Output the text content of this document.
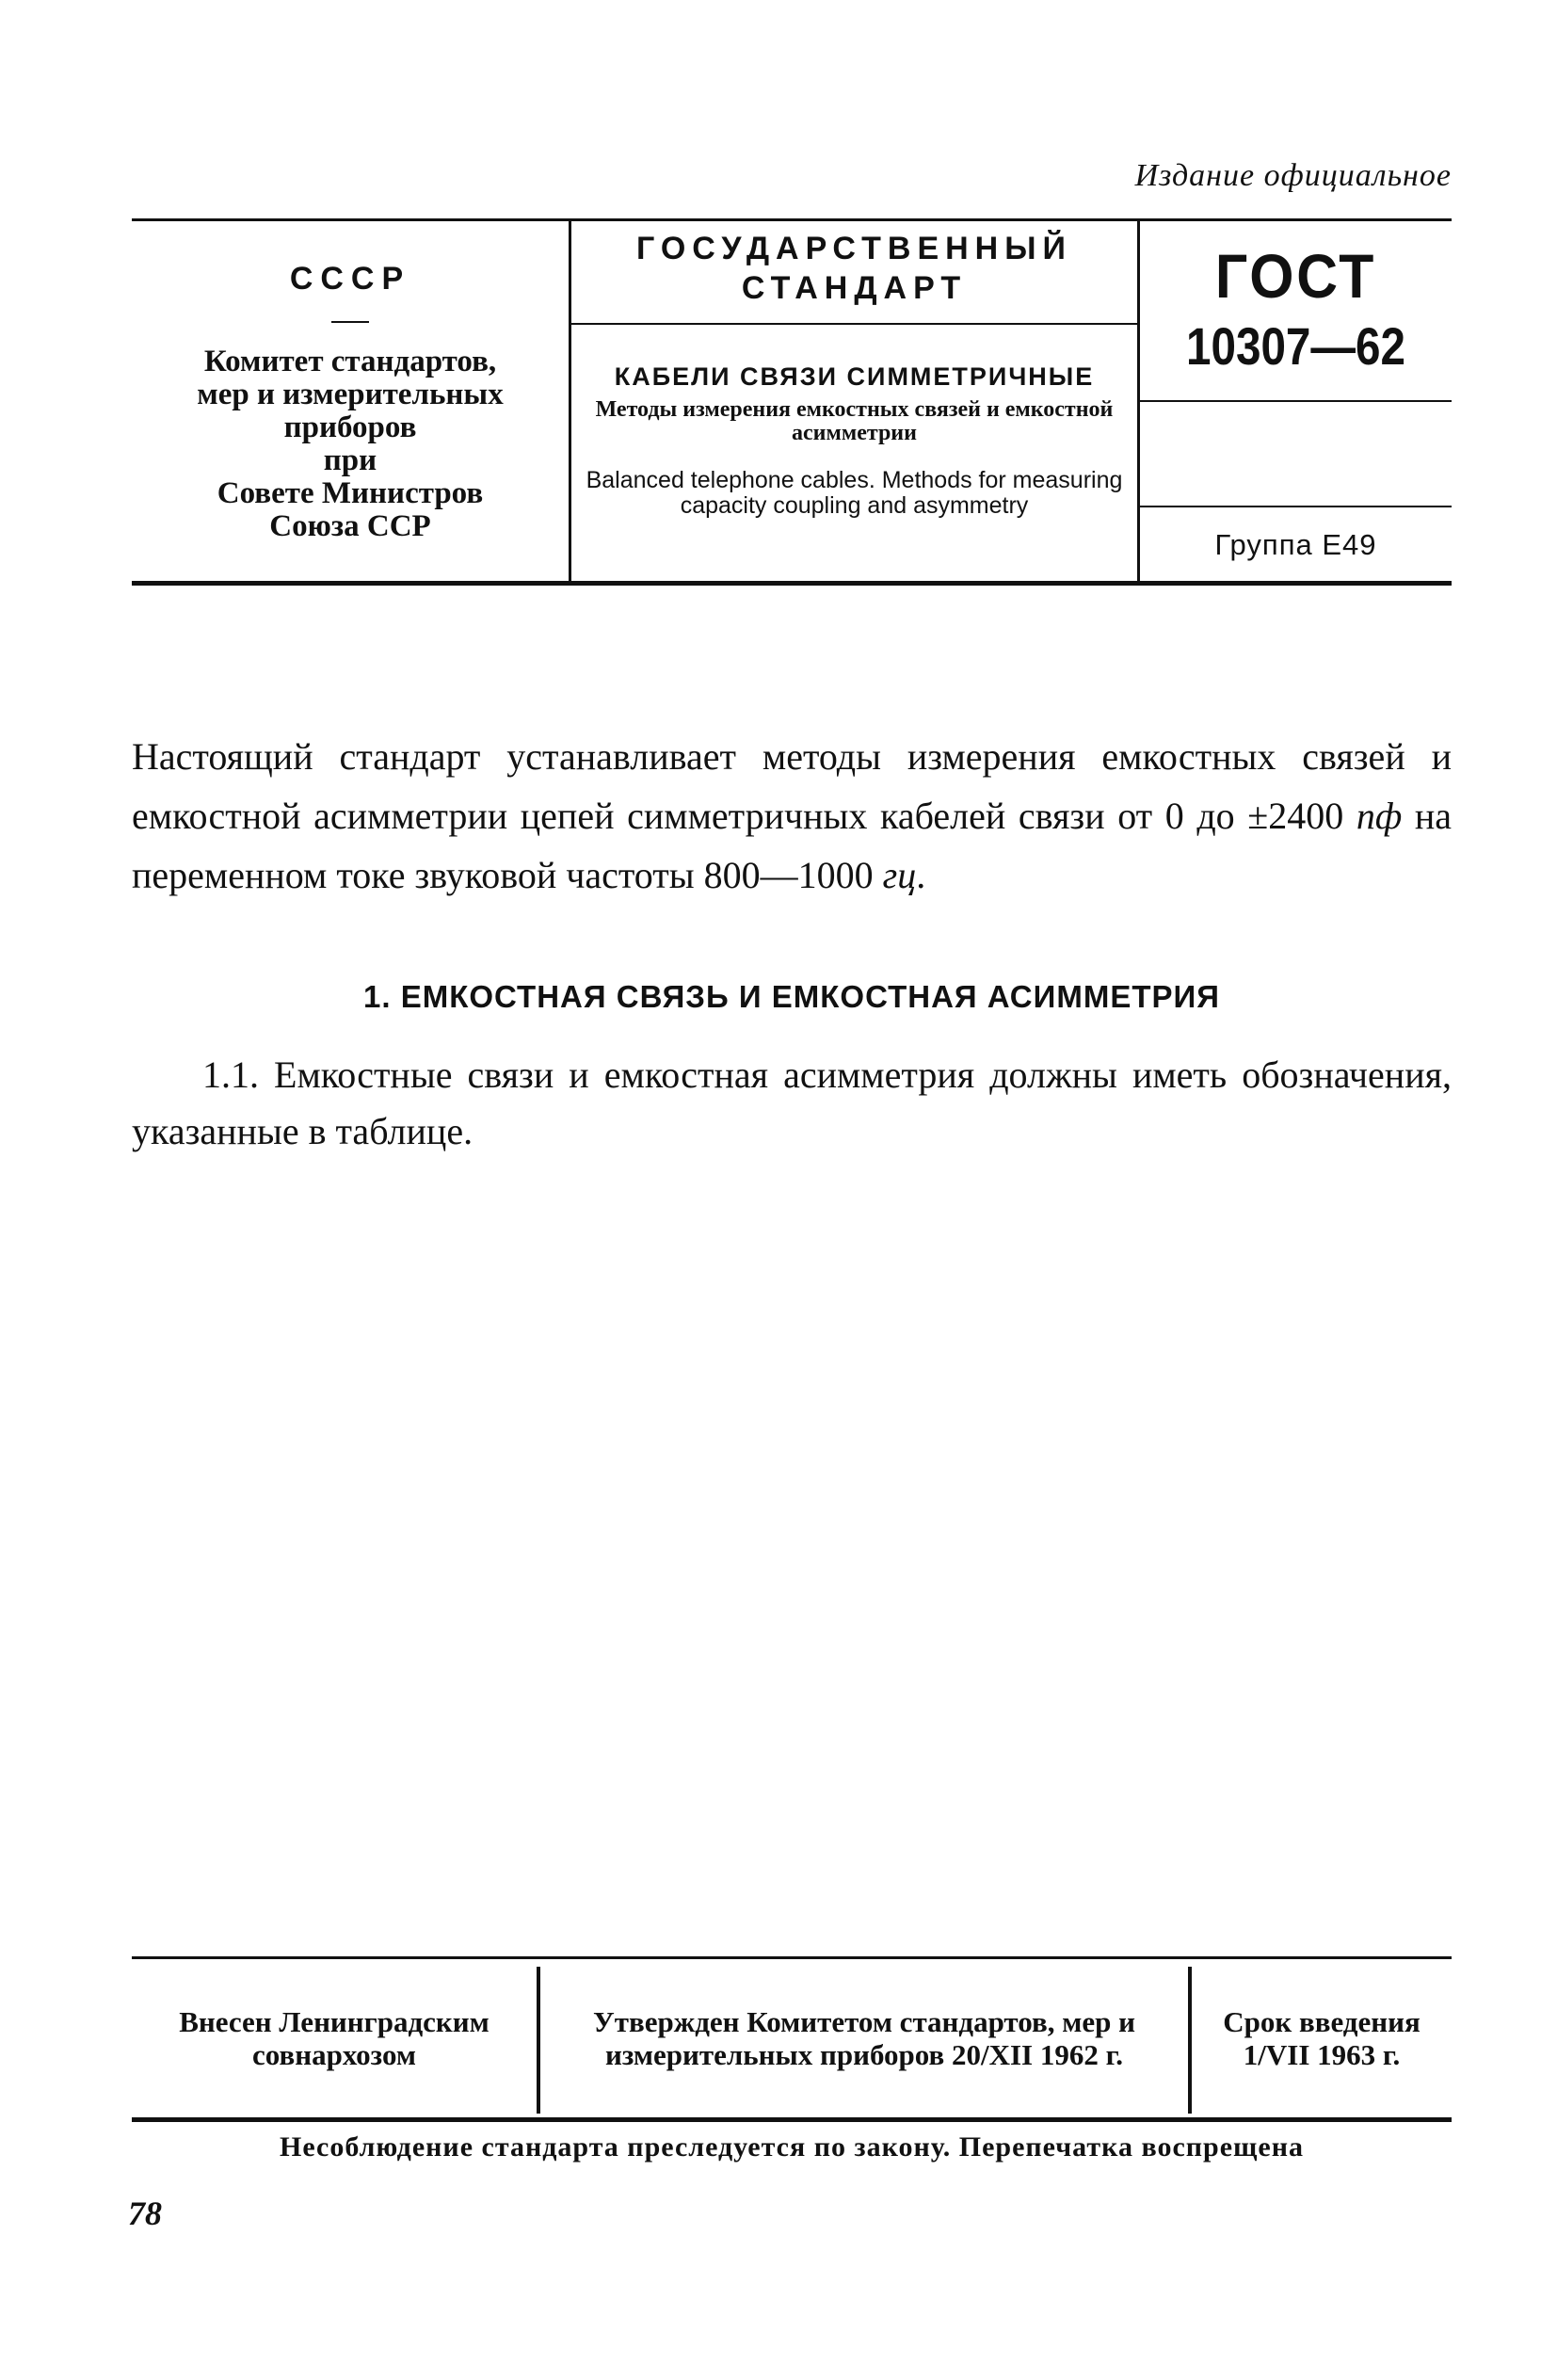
Издание официальное
СССР
Комитет стандартов,
мер и измерительных
приборов
при
Совете Министров
Союза ССР
ГОСУДАРСТВЕННЫЙ
СТАНДАРТ
КАБЕЛИ СВЯЗИ СИММЕТРИЧНЫЕ
Методы измерения емкостных связей и емкостной асимметрии
Balanced telephone cables. Methods for measuring capacity coupling and asymmetry
ГОСТ
10307—62
Группа Е49
Настоящий стандарт устанавливает методы измерения емкостных связей и емкостной асимметрии цепей симметричных кабелей связи от 0 до ±2400 пф на переменном токе звуковой частоты 800—1000 гц.
1. ЕМКОСТНАЯ СВЯЗЬ И ЕМКОСТНАЯ АСИММЕТРИЯ
1.1. Емкостные связи и емкостная асимметрия должны иметь обозначения, указанные в таблице.
Внесен Ленинградским совнархозом
Утвержден Комитетом стандартов, мер и измерительных приборов 20/XII 1962 г.
Срок введения 1/VII 1963 г.
Несоблюдение стандарта преследуется по закону. Перепечатка воспрещена
78
